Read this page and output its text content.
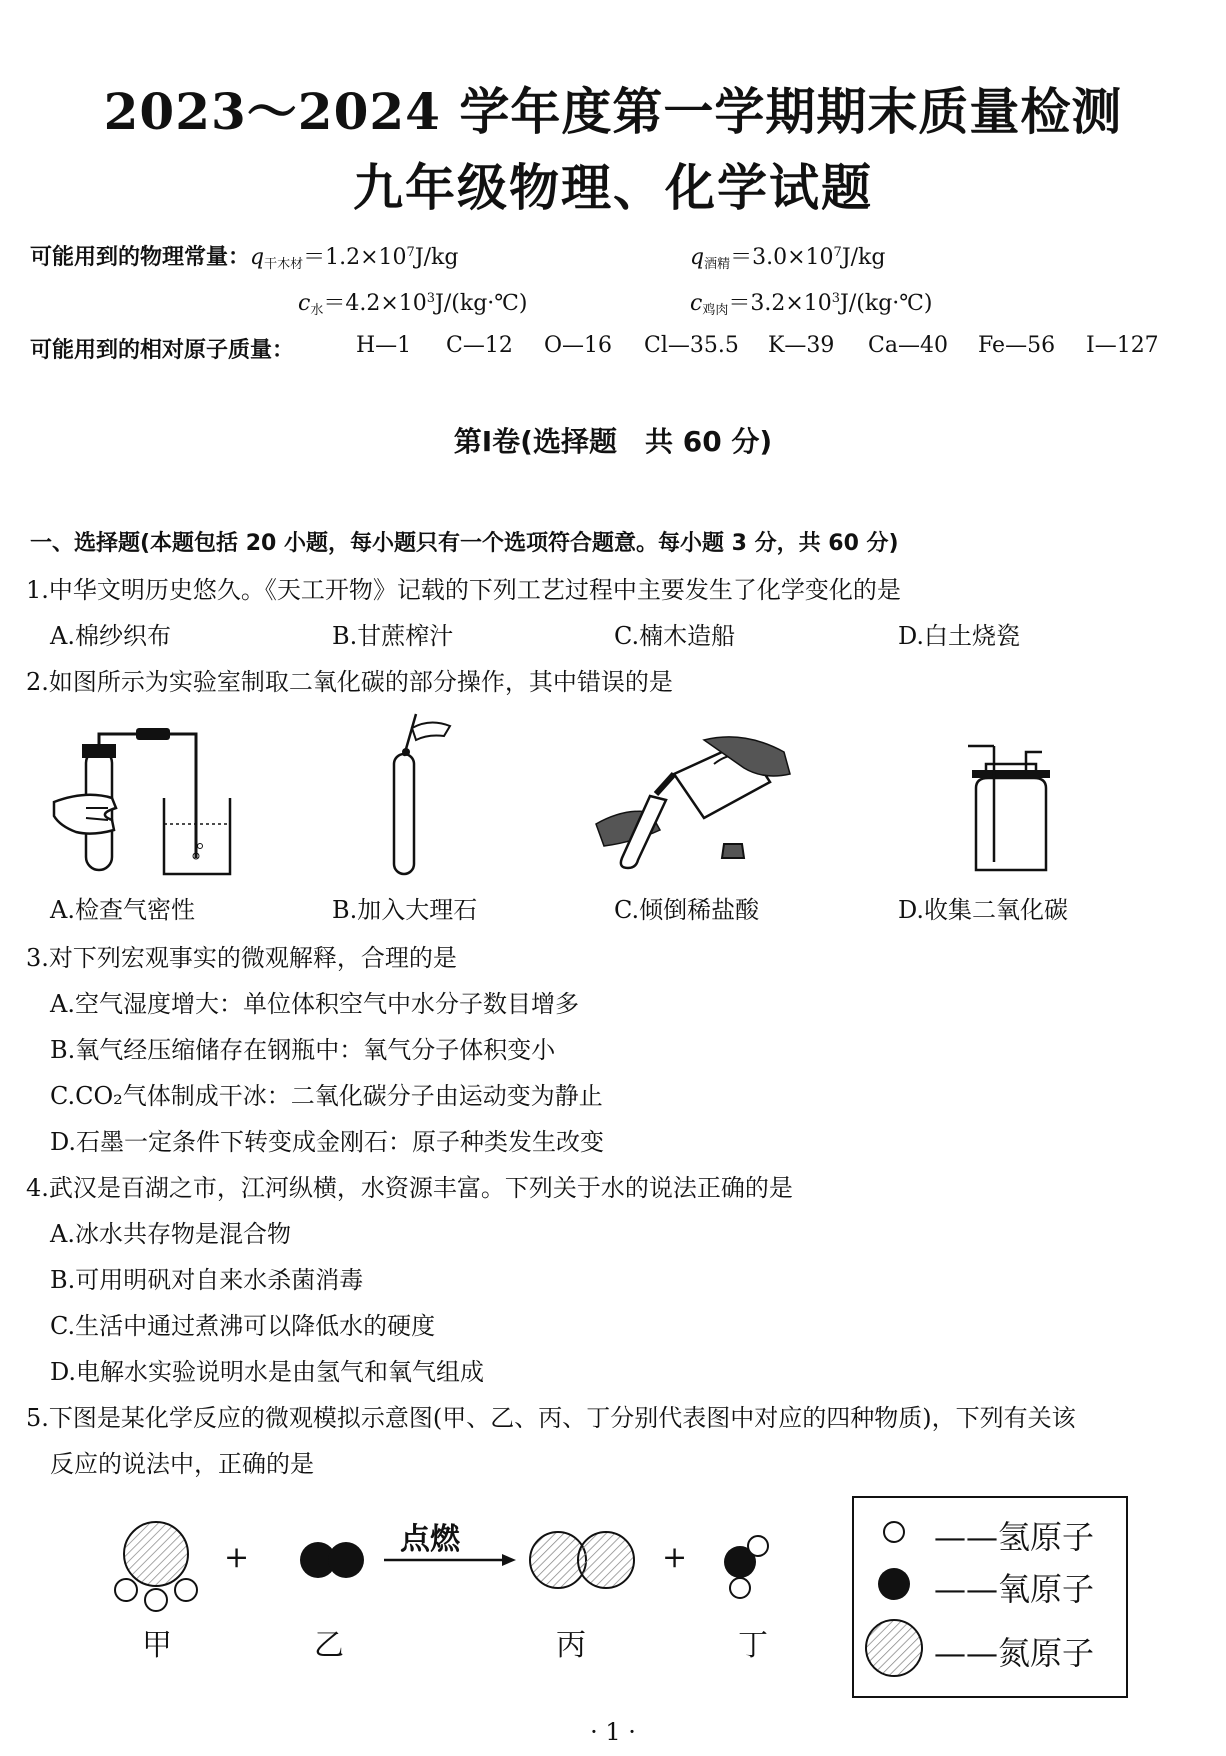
2023～2024 学年度第一学期期末质量检测
九年级物理、化学试题
可能用到的物理常量：$q_{干木材}=1.2\times 10^7J/kg$	$q_{酒精}=3.0\times 10^7J/kg$
$c_水=4.2\times 10^3J/(kg\cdot℃)$	$c_{鸡肉}=3.2\times 10^3J/(kg\cdot℃)$
可能用到的相对原子质量：	H—1 C—12 O—16 Cl—35.5 K—39 Ca—40 Fe—56 I—127
第Ⅰ卷(选择题　共 60 分)
一、选择题(本题包括 20 小题，每小题只有一个选项符合题意。每小题 3 分，共 60 分)
1.中华文明历史悠久。《天工开物》记载的下列工艺过程中主要发生了化学变化的是
A.棉纱织布	B.甘蔗榨汁	C.楠木造船	D.白土烧瓷
2.如图所示为实验室制取二氧化碳的部分操作，其中错误的是
A.检查气密性	B.加入大理石	C.倾倒稀盐酸	D.收集二氧化碳
3.对下列宏观事实的微观解释，合理的是
A.空气湿度增大：单位体积空气中水分子数目增多
B.氧气经压缩储存在钢瓶中：氧气分子体积变小
C.CO₂气体制成干冰：二氧化碳分子由运动变为静止
D.石墨一定条件下转变成金刚石：原子种类发生改变
4.武汉是百湖之市，江河纵横，水资源丰富。下列关于水的说法正确的是
A.冰水共存物是混合物
B.可用明矾对自来水杀菌消毒
C.生活中通过煮沸可以降低水的硬度
D.电解水实验说明水是由氢气和氧气组成
5.下图是某化学反应的微观模拟示意图(甲、乙、丙、丁分别代表图中对应的四种物质)，下列有关该
反应的说法中，正确的是
点燃
+	+
甲	乙	丙	丁
——氢原子
——氧原子
——氮原子
· 1 ·
